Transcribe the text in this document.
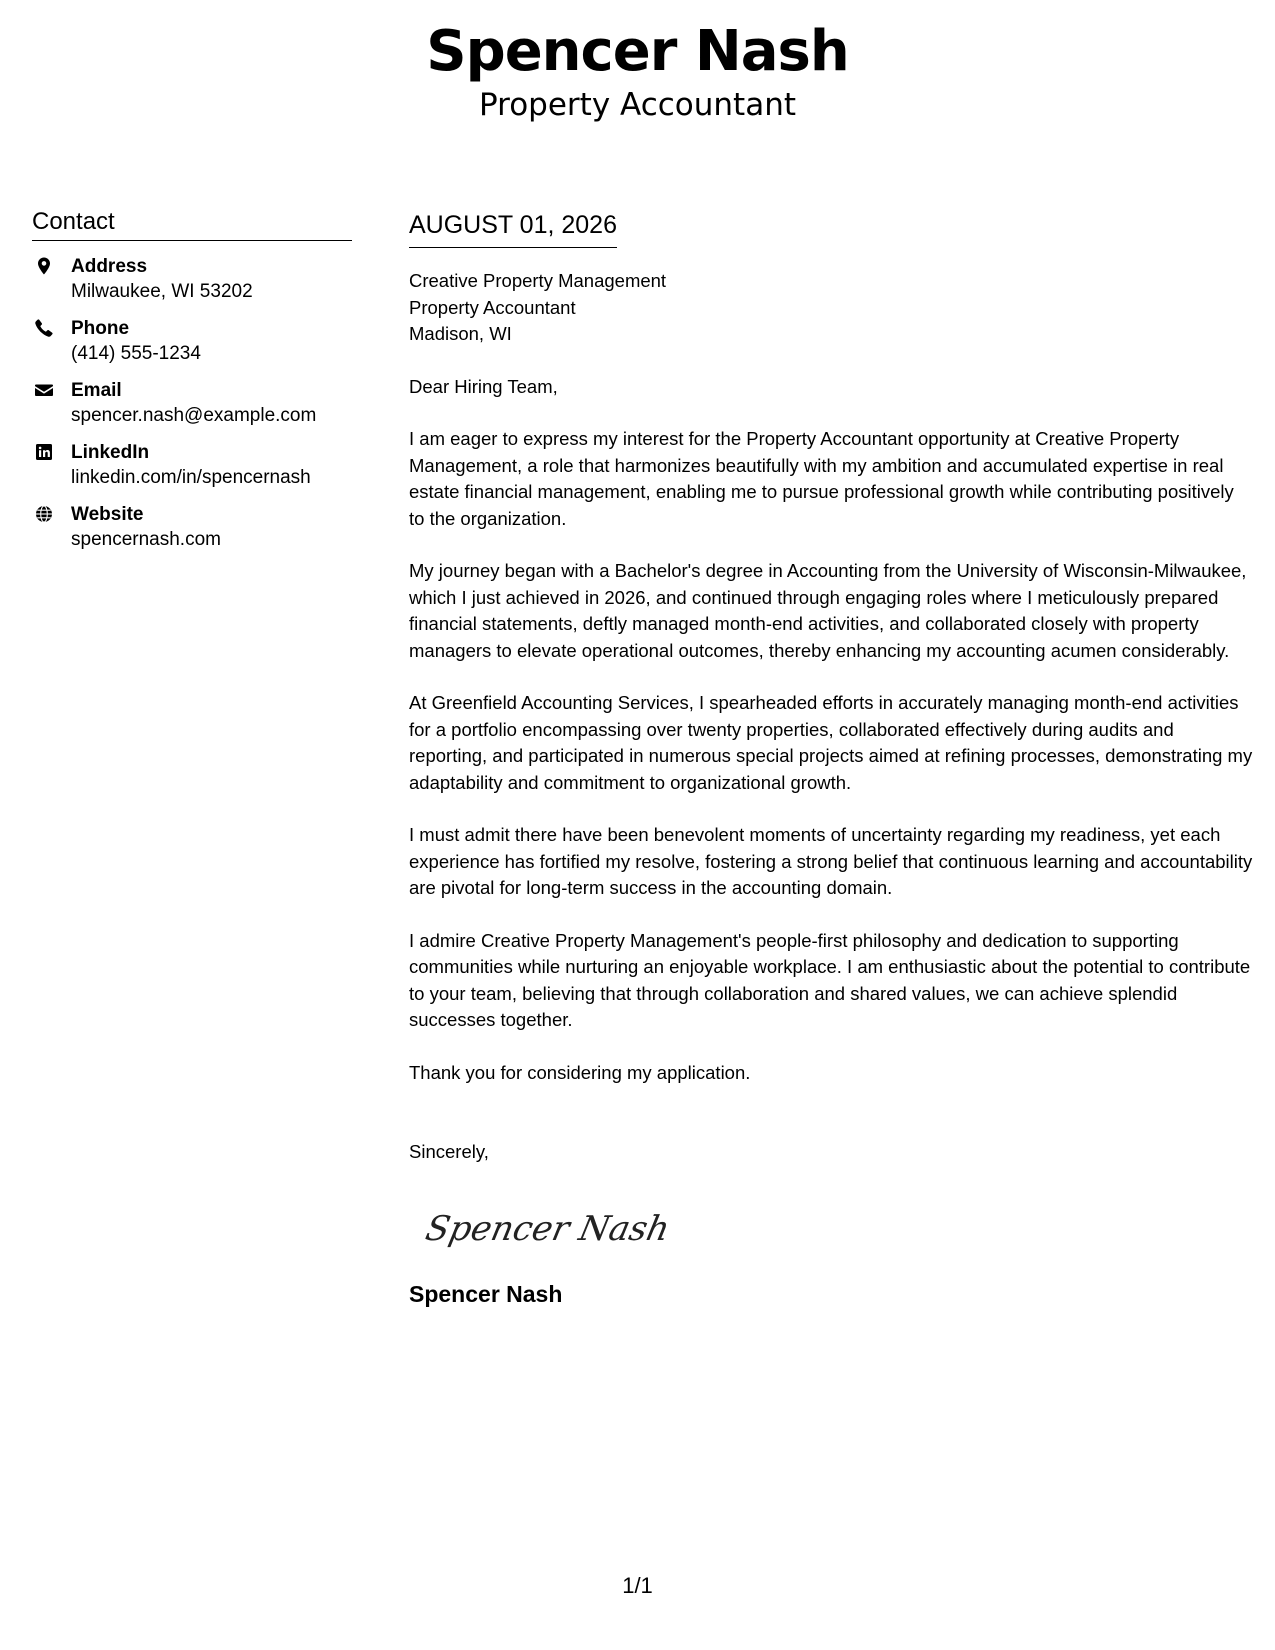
Spencer Nash
Property Accountant
Contact
Address
Milwaukee, WI 53202
Phone
(414) 555-1234
Email
spencer.nash@example.com
LinkedIn
linkedin.com/in/spencernash
Website
spencernash.com
AUGUST 01, 2026
Creative Property Management
Property Accountant
Madison, WI

Dear Hiring Team,

I am eager to express my interest for the Property Accountant opportunity at Creative Property Management, a role that harmonizes beautifully with my ambition and accumulated expertise in real estate financial management, enabling me to pursue professional growth while contributing positively to the organization.

My journey began with a Bachelor's degree in Accounting from the University of Wisconsin-Milwaukee, which I just achieved in 2026, and continued through engaging roles where I meticulously prepared financial statements, deftly managed month-end activities, and collaborated closely with property managers to elevate operational outcomes, thereby enhancing my accounting acumen considerably.

At Greenfield Accounting Services, I spearheaded efforts in accurately managing month-end activities for a portfolio encompassing over twenty properties, collaborated effectively during audits and reporting, and participated in numerous special projects aimed at refining processes, demonstrating my adaptability and commitment to organizational growth.

I must admit there have been benevolent moments of uncertainty regarding my readiness, yet each experience has fortified my resolve, fostering a strong belief that continuous learning and accountability are pivotal for long-term success in the accounting domain.

I admire Creative Property Management's people-first philosophy and dedication to supporting communities while nurturing an enjoyable workplace. I am enthusiastic about the potential to contribute to your team, believing that through collaboration and shared values, we can achieve splendid successes together.

Thank you for considering my application.

Sincerely,
Spencer Nash
Spencer Nash
1/1
